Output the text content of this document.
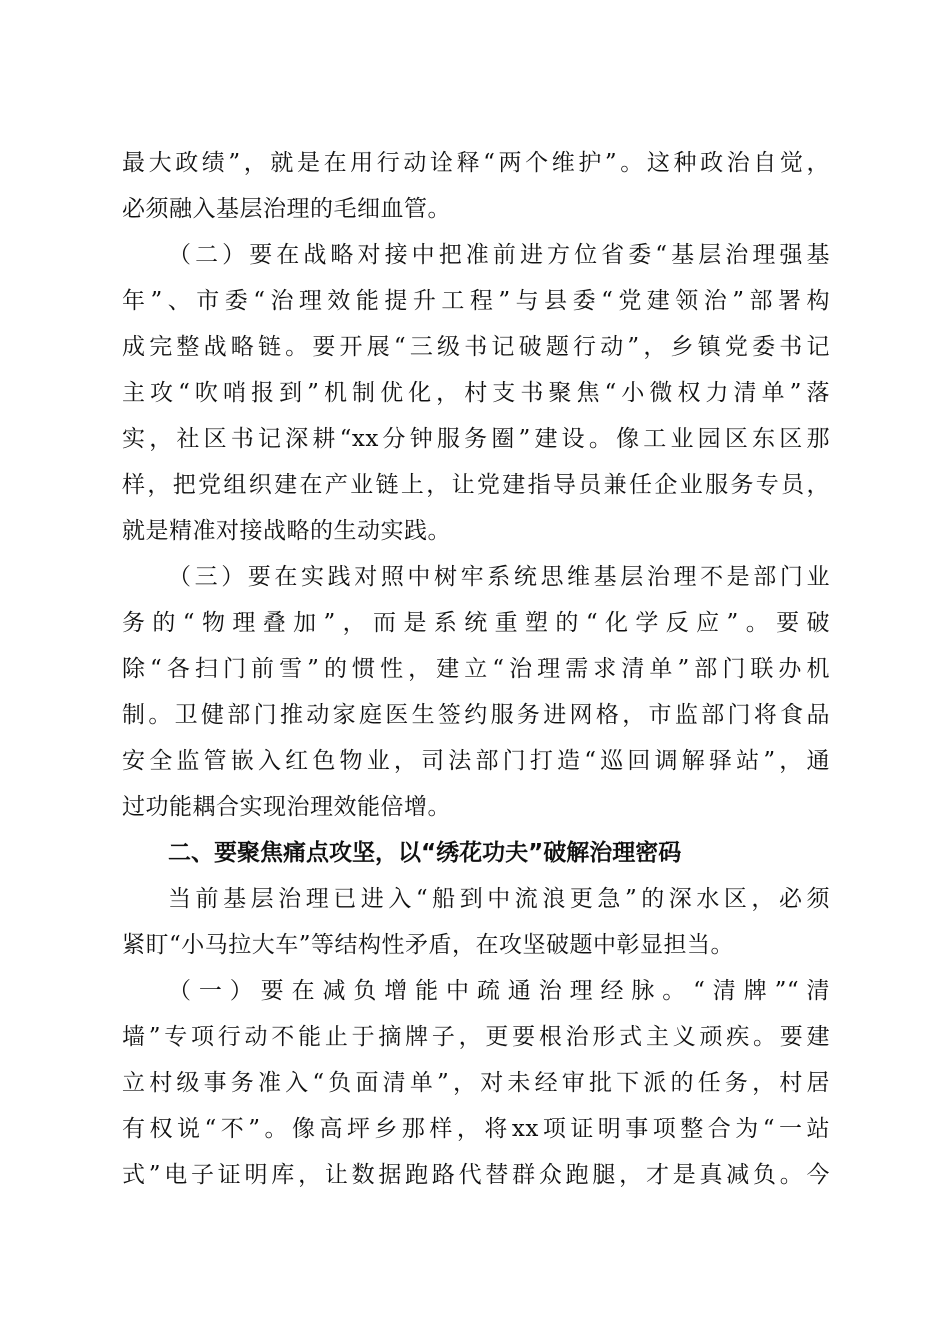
最大政绩”，就是在用行动诠释“两个维护”。这种政治自觉，
必须融入基层治理的毛细血管。
（二）要在战略对接中把准前进方位省委“基层治理强基
年”、市委“治理效能提升工程”与县委“党建领治”部署构
成完整战略链。要开展“三级书记破题行动”，乡镇党委书记
主攻“吹哨报到”机制优化，村支书聚焦“小微权力清单”落
实，社区书记深耕“xx分钟服务圈”建设。像工业园区东区那
样，把党组织建在产业链上，让党建指导员兼任企业服务专员，
就是精准对接战略的生动实践。
（三）要在实践对照中树牢系统思维基层治理不是部门业
务的“物理叠加”，而是系统重塑的“化学反应”。要破
除“各扫门前雪”的惯性，建立“治理需求清单”部门联办机
制。卫健部门推动家庭医生签约服务进网格，市监部门将食品
安全监管嵌入红色物业，司法部门打造“巡回调解驿站”，通
过功能耦合实现治理效能倍增。
二、要聚焦痛点攻坚，以“绣花功夫”破解治理密码
当前基层治理已进入“船到中流浪更急”的深水区，必须
紧盯“小马拉大车”等结构性矛盾，在攻坚破题中彰显担当。
（一）要在减负增能中疏通治理经脉。“清牌”“清
墙”专项行动不能止于摘牌子，更要根治形式主义顽疾。要建
立村级事务准入“负面清单”，对未经审批下派的任务，村居
有权说“不”。像高坪乡那样，将xx项证明事项整合为“一站
式”电子证明库，让数据跑路代替群众跑腿，才是真减负。今
